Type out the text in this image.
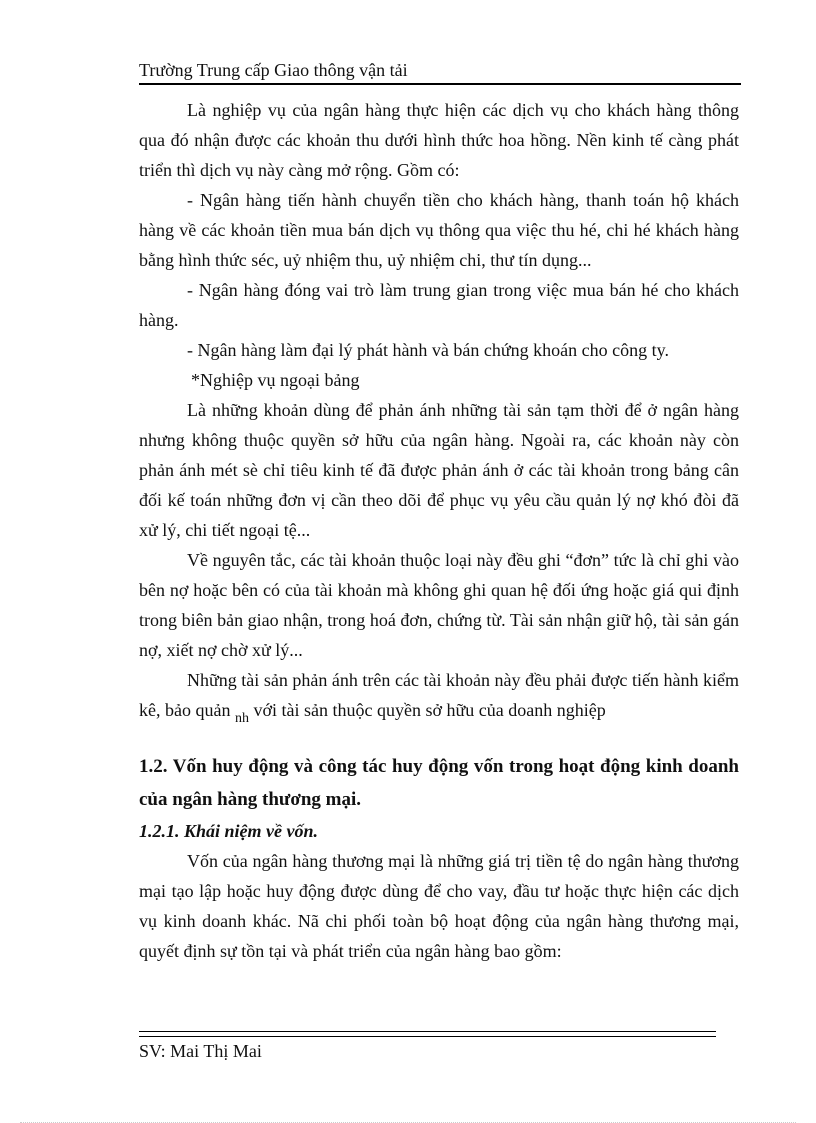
Trường Trung cấp Giao thông vận tải

Là nghiệp vụ của ngân hàng thực hiện các dịch vụ cho khách hàng thông qua đó nhận được các khoản thu dưới hình thức hoa hồng. Nền kinh tế càng phát triển thì dịch vụ này càng mở rộng. Gồm có:

- Ngân hàng tiến hành chuyển tiền cho khách hàng, thanh toán hộ khách hàng về các khoản tiền mua bán dịch vụ thông qua việc thu hé, chi hé khách hàng bằng hình thức séc, uỷ nhiệm thu, uỷ nhiệm chi, thư tín dụng...

- Ngân hàng đóng vai trò làm trung gian trong việc mua bán hé cho khách hàng.

- Ngân hàng làm đại lý phát hành và bán chứng khoán cho công ty.

*Nghiệp vụ ngoại bảng

Là những khoản dùng để phản ánh những tài sản tạm thời để ở ngân hàng nhưng không thuộc quyền sở hữu của ngân hàng. Ngoài ra, các khoản này còn phản ánh mét sè chỉ tiêu kinh tế đã được phản ánh ở các tài khoản trong bảng cân đối kế toán những đơn vị cần theo dõi để phục vụ yêu cầu quản lý nợ khó đòi đã xử lý, chi tiết ngoại tệ...

Về nguyên tắc, các tài khoản thuộc loại này đều ghi “đơn” tức là chỉ ghi vào bên nợ hoặc bên có của tài khoản mà không ghi quan hệ đối ứng hoặc giá qui định trong biên bản giao nhận, trong hoá đơn, chứng từ. Tài sản nhận giữ hộ, tài sản gán nợ, xiết nợ chờ xử lý...

Những tài sản phản ánh trên các tài khoản này đều phải được tiến hành kiểm kê, bảo quản $_{nh}$ với tài sản thuộc quyền sở hữu của doanh nghiệp

1.2. Vốn huy động và công tác huy động vốn trong hoạt động kinh doanh của ngân hàng thương mại.

1.2.1. Khái niệm về vốn.

Vốn của ngân hàng thương mại là những giá trị tiền tệ do ngân hàng thương mại tạo lập hoặc huy động được dùng để cho vay, đầu tư hoặc thực hiện các dịch vụ kinh doanh khác. Nã chi phối toàn bộ hoạt động của ngân hàng thương mại, quyết định sự tồn tại và phát triển của ngân hàng bao gồm:

SV: Mai Thị Mai
